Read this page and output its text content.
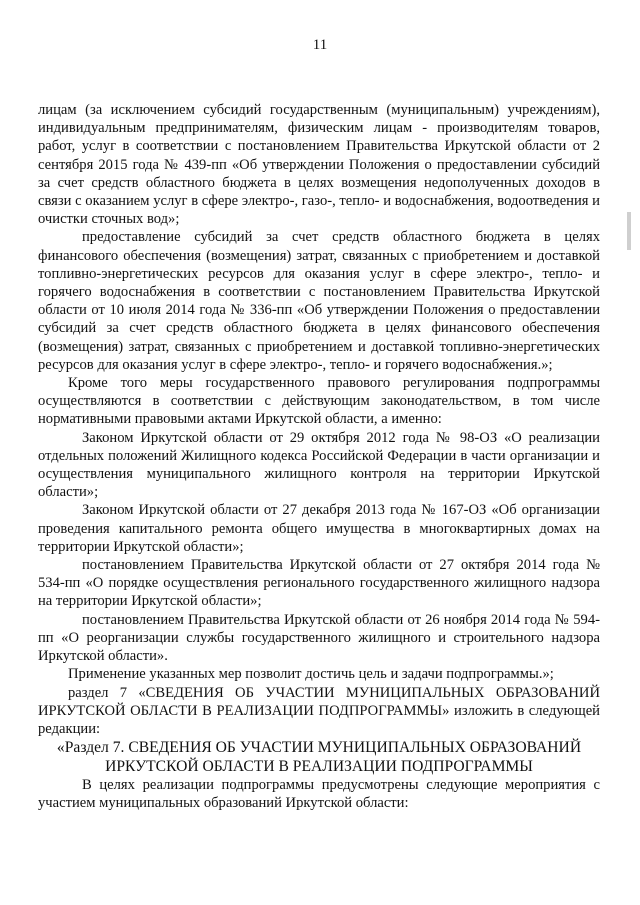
11

лицам (за исключением субсидий государственным (муниципальным) учреждениям), индивидуальным предпринимателям, физическим лицам - производителям товаров, работ, услуг в соответствии с постановлением Правительства Иркутской области от 2 сентября 2015 года № 439-пп «Об утверждении Положения о предоставлении субсидий за счет средств областного бюджета в целях возмещения недополученных доходов в связи с оказанием услуг в сфере электро-, газо-, тепло- и водоснабжения, водоотведения и очистки сточных вод»;

предоставление субсидий за счет средств областного бюджета в целях финансового обеспечения (возмещения) затрат, связанных с приобретением и доставкой топливно-энергетических ресурсов для оказания услуг в сфере электро-, тепло- и горячего водоснабжения в соответствии с постановлением Правительства Иркутской области от 10 июля 2014 года № 336-пп «Об утверждении Положения о предоставлении субсидий за счет средств областного бюджета в целях финансового обеспечения (возмещения) затрат, связанных с приобретением и доставкой топливно-энергетических ресурсов для оказания услуг в сфере электро-, тепло- и горячего водоснабжения.»;

Кроме того меры государственного правового регулирования подпрограммы осуществляются в соответствии с действующим законодательством, в том числе нормативными правовыми актами Иркутской области, а именно:

Законом Иркутской области от 29 октября 2012 года № 98-ОЗ «О реализации отдельных положений Жилищного кодекса Российской Федерации в части организации и осуществления муниципального жилищного контроля на территории Иркутской области»;

Законом Иркутской области от 27 декабря 2013 года № 167-ОЗ «Об организации проведения капитального ремонта общего имущества в многоквартирных домах на территории Иркутской области»;

постановлением Правительства Иркутской области от 27 октября 2014 года № 534-пп «О порядке осуществления регионального государственного жилищного надзора на территории Иркутской области»;

постановлением Правительства Иркутской области от 26 ноября 2014 года № 594-пп «О реорганизации службы государственного жилищного и строительного надзора Иркутской области».

Применение указанных мер позволит достичь цель и задачи подпрограммы.»;

раздел 7 «СВЕДЕНИЯ ОБ УЧАСТИИ МУНИЦИПАЛЬНЫХ ОБРАЗОВАНИЙ ИРКУТСКОЙ ОБЛАСТИ В РЕАЛИЗАЦИИ ПОДПРОГРАММЫ» изложить в следующей редакции:

«Раздел 7. СВЕДЕНИЯ ОБ УЧАСТИИ МУНИЦИПАЛЬНЫХ ОБРАЗОВАНИЙ

ИРКУТСКОЙ ОБЛАСТИ В РЕАЛИЗАЦИИ ПОДПРОГРАММЫ

В целях реализации подпрограммы предусмотрены следующие мероприятия с участием муниципальных образований Иркутской области:
